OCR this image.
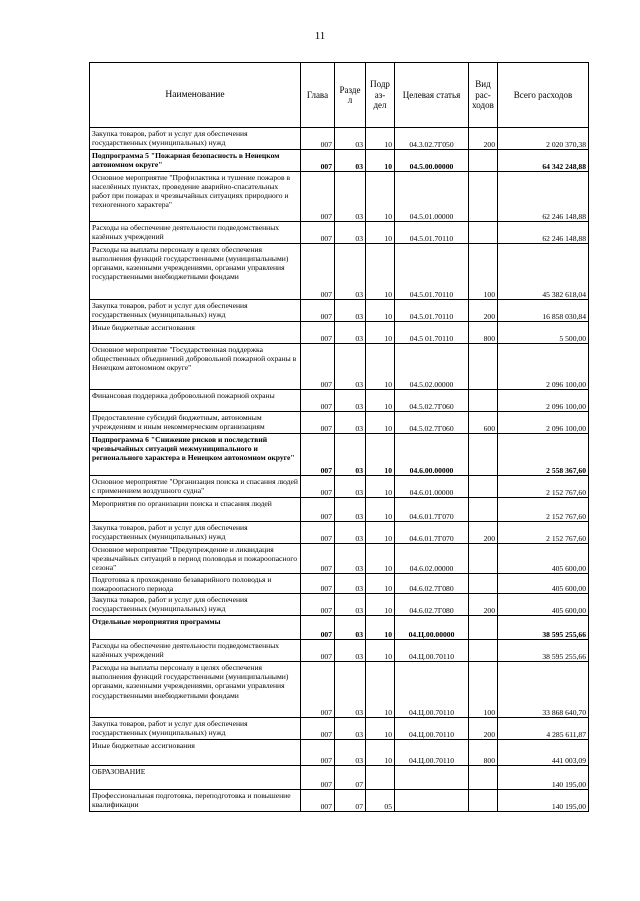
11
Наименование	Глава	Разде л	Подр аз- дел	Целевая статья	Вид рас- ходов	Всего расходов
Закупка товаров, работ и услуг для обеспечения государственных (муниципальных) нужд	007	03	10	04.3.02.7Г050	200	2 020 370,38
Подпрограмма 5 "Пожарная безопасность в Ненецком автономном округе"	007	03	10	04.5.00.00000		64 342 248,88
Основное мероприятие "Профилактика и тушение пожаров в населённых пунктах, проведение аварийно-спасательных работ при пожарах и чрезвычайных ситуациях природного и техногенного характера"	007	03	10	04.5.01.00000		62 246 148,88
Расходы на обеспечение деятельности подведомственных казённых учреждений	007	03	10	04.5.01.70110		62 246 148,88
Расходы на выплаты персоналу в целях обеспечения выполнения функций государственными (муниципальными) органами, казенными учреждениями, органами управления государственными внебюджетными фондами	007	03	10	04.5.01.70110	100	45 382 618,04
Закупка товаров, работ и услуг для обеспечения государственных (муниципальных) нужд	007	03	10	04.5.01.70110	200	16 858 030,84
Иные бюджетные ассигнования	007	03	10	04.5 01.70110	800	5 500,00
Основное мероприятие "Государственная поддержка общественных объединений добровольной пожарной охраны в Ненецком автономном округе"	007	03	10	04.5.02.00000		2 096 100,00
Финансовая поддержка добровольной пожарной охраны	007	03	10	04.5.02.7Г060		2 096 100,00
Предоставление субсидий бюджетным, автономным учреждениям и иным некоммерческим организациям	007	03	10	04.5.02.7Г060	600	2 096 100,00
Подпрограмма 6 "Снижение рисков и последствий чрезвычайных ситуаций межмуниципального и регионального характера в Ненецком автономном округе"	007	03	10	04.6.00.00000		2 558 367,60
Основное мероприятие "Организация поиска и спасания людей с применением воздушного судна"	007	03	10	04.6.01.00000		2 152 767,60
Мероприятия по организации поиска и спасания людей	007	03	10	04.6.01.7Г070		2 152 767,60
Закупка товаров, работ и услуг для обеспечения государственных (муниципальных) нужд	007	03	10	04.6.01.7Г070	200	2 152 767,60
Основное мероприятие "Предупреждение и ликвидация чрезвычайных ситуаций в период половодья и пожароопасного сезона"	007	03	10	04.6.02.00000		405 600,00
Подготовка к прохождению безаварийного половодья и пожароопасного периода	007	03	10	04.6.02.7Г080		405 600,00
Закупка товаров, работ и услуг для обеспечения государственных (муниципальных) нужд	007	03	10	04.6.02.7Г080	200	405 600,00
Отдельные мероприятия программы	007	03	10	04.Ц.00.00000		38 595 255,66
Расходы на обеспечение деятельности подведомственных казённых учреждений	007	03	10	04.Ц.00.70110		38 595 255,66
Расходы на выплаты персоналу в целях обеспечения выполнения функций государственными (муниципальными) органами, казенными учреждениями, органами управления государственными внебюджетными фондами	007	03	10	04.Ц.00.70110	100	33 868 640,70
Закупка товаров, работ и услуг для обеспечения государственных (муниципальных) нужд	007	03	10	04.Ц.00.70110	200	4 285 611,87
Иные бюджетные ассигнования	007	03	10	04.Ц.00.70110	800	441 003,09
ОБРАЗОВАНИЕ	007	07				140 195,00
Профессиональная подготовка, переподготовка и повышение квалификации	007	07	05			140 195,00
